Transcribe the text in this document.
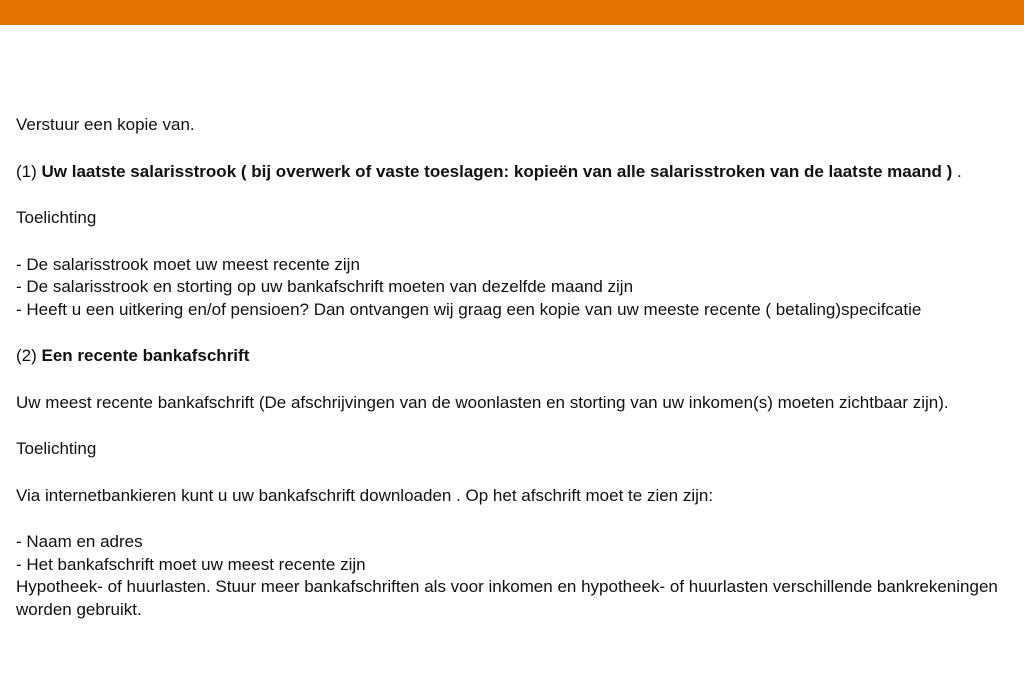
Verstuur een kopie van.

(1) Uw laatste salarisstrook ( bij overwerk of vaste toeslagen: kopieën van alle salarisstroken van de laatste maand ) .

Toelichting

- De salarisstrook moet uw meest recente zijn
- De salarisstrook en storting op uw bankafschrift moeten van dezelfde maand zijn
- Heeft u een uitkering en/of pensioen? Dan ontvangen wij graag een kopie van uw meeste recente ( betaling)specifcatie

(2) Een recente bankafschrift

Uw meest recente bankafschrift (De afschrijvingen van de woonlasten en storting van uw inkomen(s) moeten zichtbaar zijn).

Toelichting

Via internetbankieren kunt u uw bankafschrift downloaden . Op het afschrift moet te zien zijn:

- Naam en adres
- Het bankafschrift moet uw meest recente zijn
Hypotheek- of huurlasten. Stuur meer bankafschriften als voor inkomen en hypotheek- of huurlasten verschillende bankrekeningen worden gebruikt.
